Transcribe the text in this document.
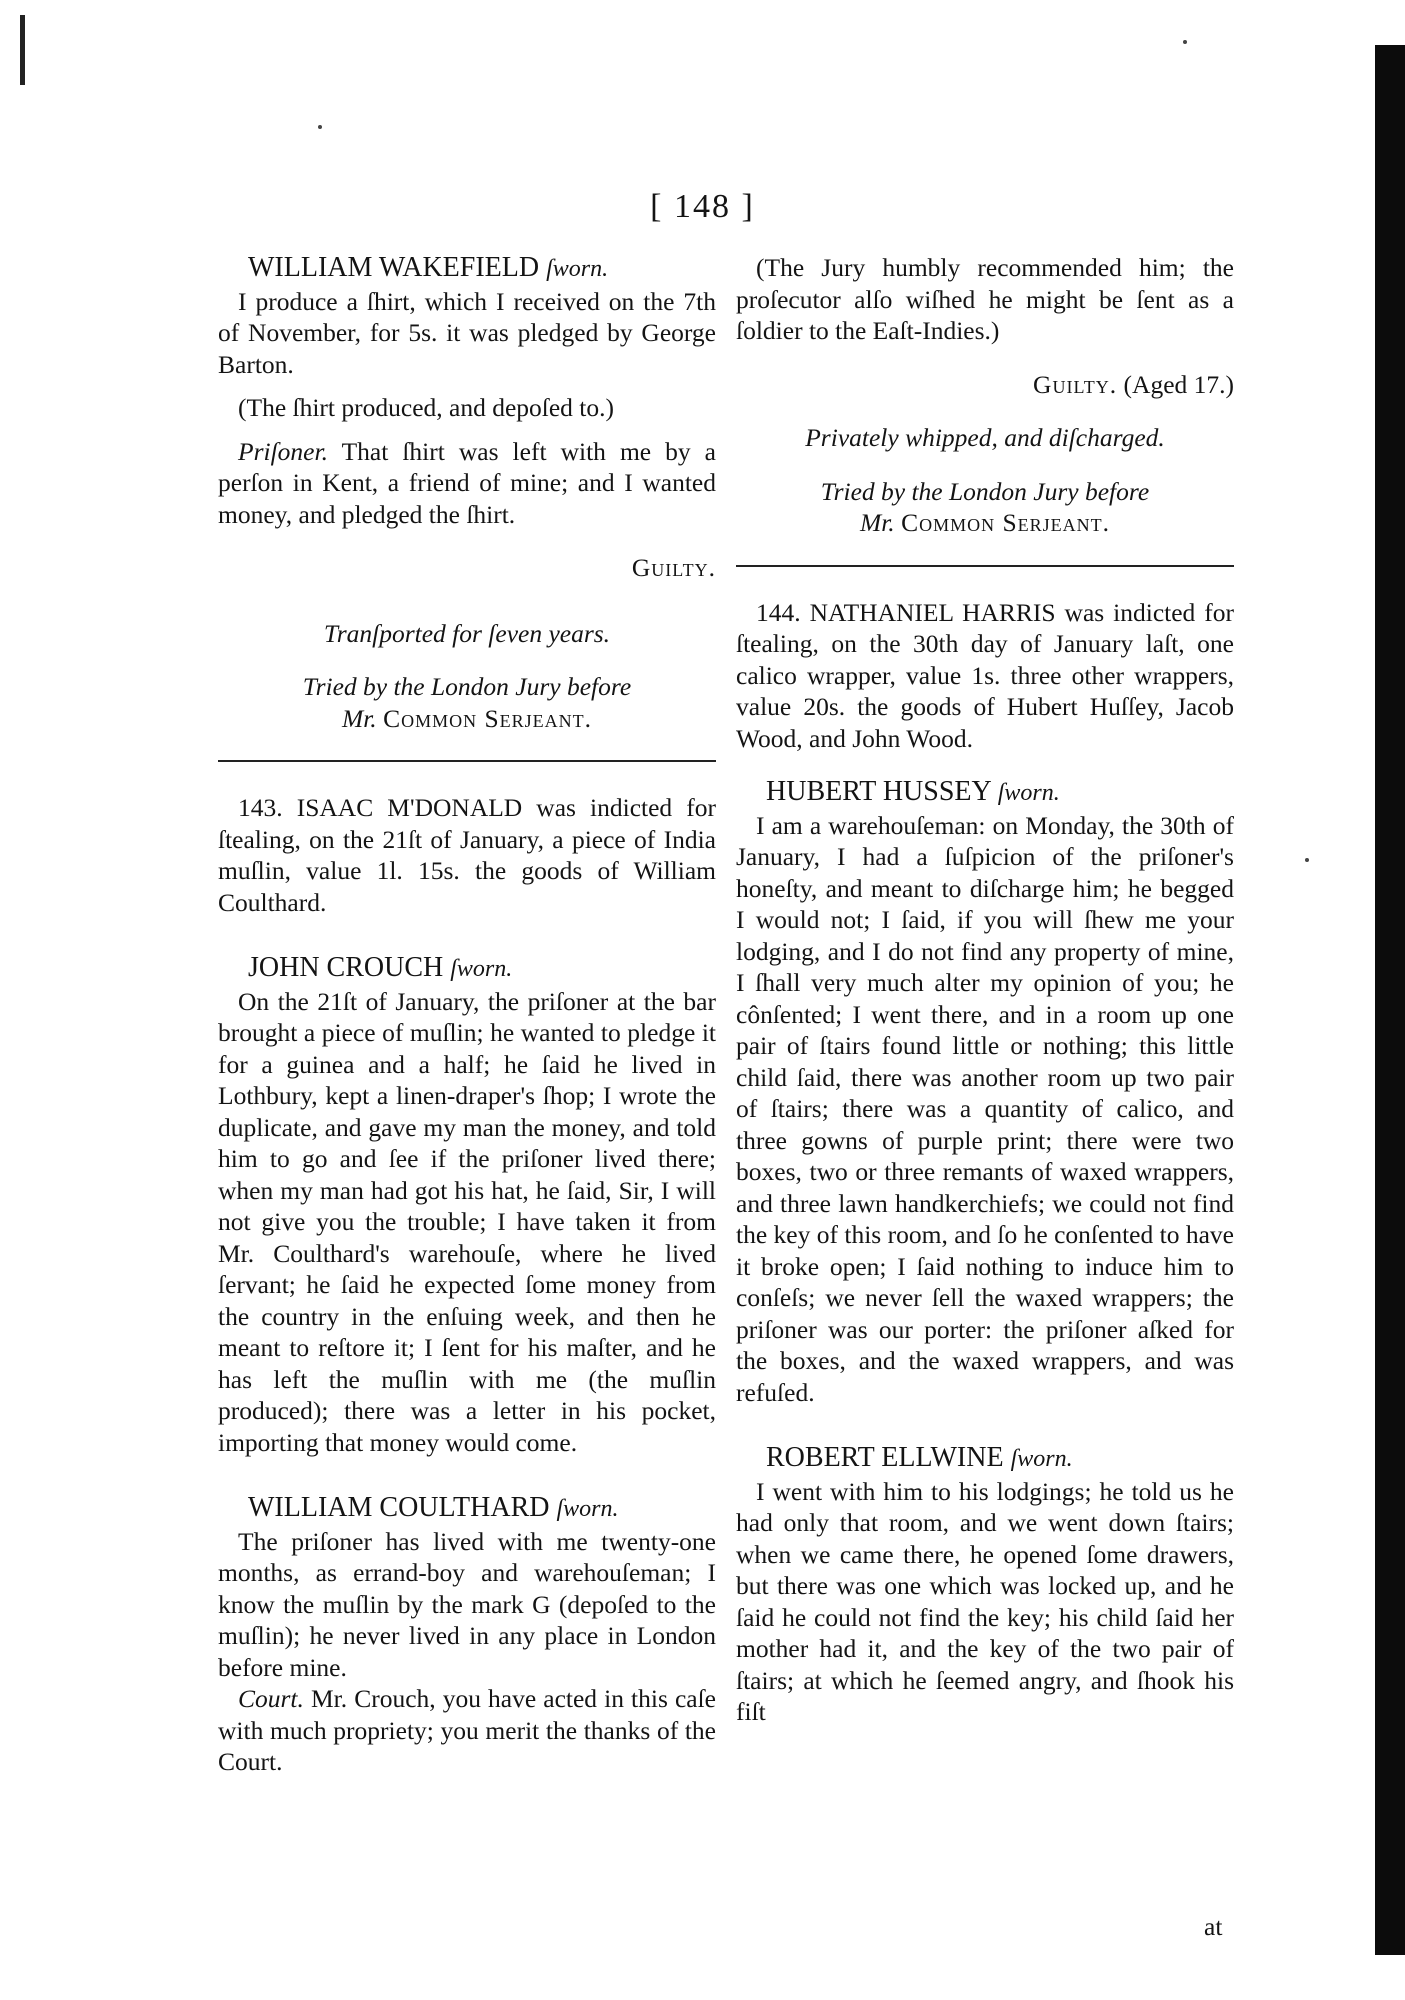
[ 148 ]

WILLIAM WAKEFIELD ſworn.

I produce a ſhirt, which I received on the 7th of November, for 5s. it was pledged by George Barton.

(The ſhirt produced, and depoſed to.)

Priſoner. That ſhirt was left with me by a perſon in Kent, a friend of mine; and I wanted money, and pledged the ſhirt.

Guilty.

Tranſported for ſeven years.

Tried by the London Jury before

Mr. Common Serjeant.

143. ISAAC M'DONALD was indicted for ſtealing, on the 21ſt of January, a piece of India muſlin, value 1l. 15s. the goods of William Coulthard.

JOHN CROUCH ſworn.

On the 21ſt of January, the priſoner at the bar brought a piece of muſlin; he wanted to pledge it for a guinea and a half; he ſaid he lived in Lothbury, kept a linen-draper's ſhop; I wrote the duplicate, and gave my man the money, and told him to go and ſee if the priſoner lived there; when my man had got his hat, he ſaid, Sir, I will not give you the trouble; I have taken it from Mr. Coulthard's warehouſe, where he lived ſervant; he ſaid he expected ſome money from the country in the enſuing week, and then he meant to reſtore it; I ſent for his maſter, and he has left the muſlin with me (the muſlin produced); there was a letter in his pocket, importing that money would come.

WILLIAM COULTHARD ſworn.

The priſoner has lived with me twenty-one months, as errand-boy and warehouſeman; I know the muſlin by the mark G (depoſed to the muſlin); he never lived in any place in London before mine.

Court. Mr. Crouch, you have acted in this caſe with much propriety; you merit the thanks of the Court.

(The Jury humbly recommended him; the proſecutor alſo wiſhed he might be ſent as a ſoldier to the Eaſt-Indies.)

Guilty. (Aged 17.)

Privately whipped, and diſcharged.

Tried by the London Jury before

Mr. Common Serjeant.

144. NATHANIEL HARRIS was indicted for ſtealing, on the 30th day of January laſt, one calico wrapper, value 1s. three other wrappers, value 20s. the goods of Hubert Huſſey, Jacob Wood, and John Wood.

HUBERT HUSSEY ſworn.

I am a warehouſeman: on Monday, the 30th of January, I had a ſuſpicion of the priſoner's honeſty, and meant to diſcharge him; he begged I would not; I ſaid, if you will ſhew me your lodging, and I do not find any property of mine, I ſhall very much alter my opinion of you; he cônſented; I went there, and in a room up one pair of ſtairs found little or nothing; this little child ſaid, there was another room up two pair of ſtairs; there was a quantity of calico, and three gowns of purple print; there were two boxes, two or three remants of waxed wrappers, and three lawn handkerchiefs; we could not find the key of this room, and ſo he conſented to have it broke open; I ſaid nothing to induce him to conſeſs; we never ſell the waxed wrappers; the priſoner was our porter: the priſoner aſked for the boxes, and the waxed wrappers, and was refuſed.

ROBERT ELLWINE ſworn.

I went with him to his lodgings; he told us he had only that room, and we went down ſtairs; when we came there, he opened ſome drawers, but there was one which was locked up, and he ſaid he could not find the key; his child ſaid her mother had it, and the key of the two pair of ſtairs; at which he ſeemed angry, and ſhook his fiſt

at
